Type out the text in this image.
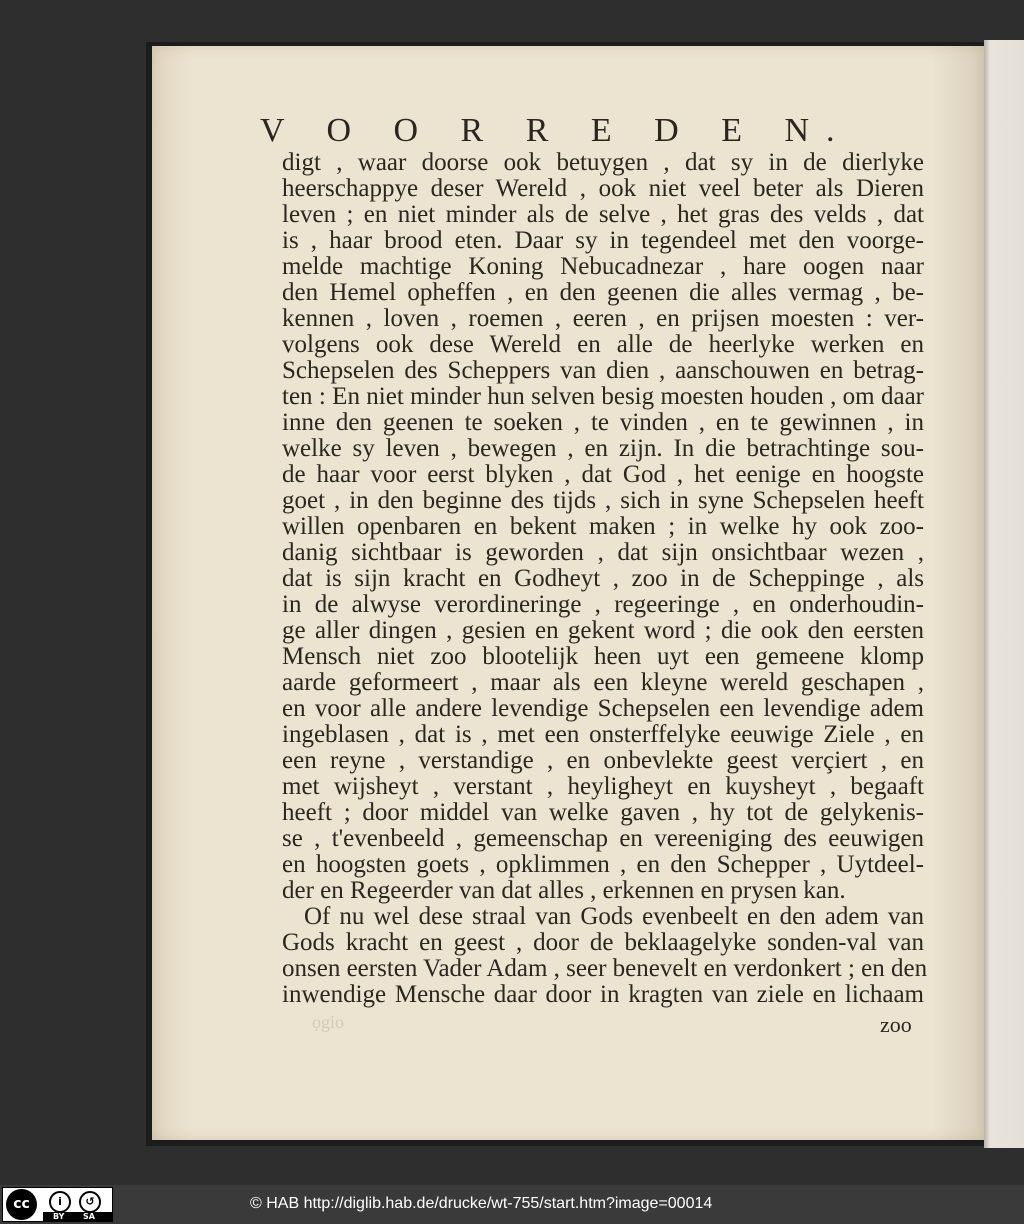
V O O R R E D E N.
digt , waar doorse ook betuygen , dat sy in de dierlyke
heerschappye deser Wereld , ook niet veel beter als Dieren
leven ; en niet minder als de selve , het gras des velds , dat
is , haar brood eten. Daar sy in tegendeel met den voorge-
melde machtige Koning Nebucadnezar , hare oogen naar
den Hemel opheffen , en den geenen die alles vermag , be-
kennen , loven , roemen , eeren , en prijsen moesten : ver-
volgens ook dese Wereld en alle de heerlyke werken en
Schepselen des Scheppers van dien , aanschouwen en betrag-
ten : En niet minder hun selven besig moesten houden , om daar
inne den geenen te soeken , te vinden , en te gewinnen , in
welke sy leven , bewegen , en zijn. In die betrachtinge sou-
de haar voor eerst blyken , dat God , het eenige en hoogste
goet , in den beginne des tijds , sich in syne Schepselen heeft
willen openbaren en bekent maken ; in welke hy ook zoo-
danig sichtbaar is geworden , dat sijn onsichtbaar wezen ,
dat is sijn kracht en Godheyt , zoo in de Scheppinge , als
in de alwyse verordineringe , regeeringe , en onderhoudin-
ge aller dingen , gesien en gekent word ; die ook den eersten
Mensch niet zoo blootelijk heen uyt een gemeene klomp
aarde geformeert , maar als een kleyne wereld geschapen ,
en voor alle andere levendige Schepselen een levendige adem
ingeblasen , dat is , met een onsterffelyke eeuwige Ziele , en
een reyne , verstandige , en onbevlekte geest verçiert , en
met wijsheyt , verstant , heyligheyt en kuysheyt , begaaft
heeft ; door middel van welke gaven , hy tot de gelykenis-
se , t'evenbeeld , gemeenschap en vereeniging des eeuwigen
en hoogsten goets , opklimmen , en den Schepper , Uytdeel-
der en Regeerder van dat alles , erkennen en prysen kan.
Of nu wel dese straal van Gods evenbeelt en den adem van
Gods kracht en geest , door de beklaagelyke sonden-val van
onsen eersten Vader Adam , seer benevelt en verdonkert ; en den
inwendige Mensche daar door in kragten van ziele en lichaam
ọgio	zoo
cc	i	↺
BY SA
© HAB http://diglib.hab.de/drucke/wt-755/start.htm?image=00014
